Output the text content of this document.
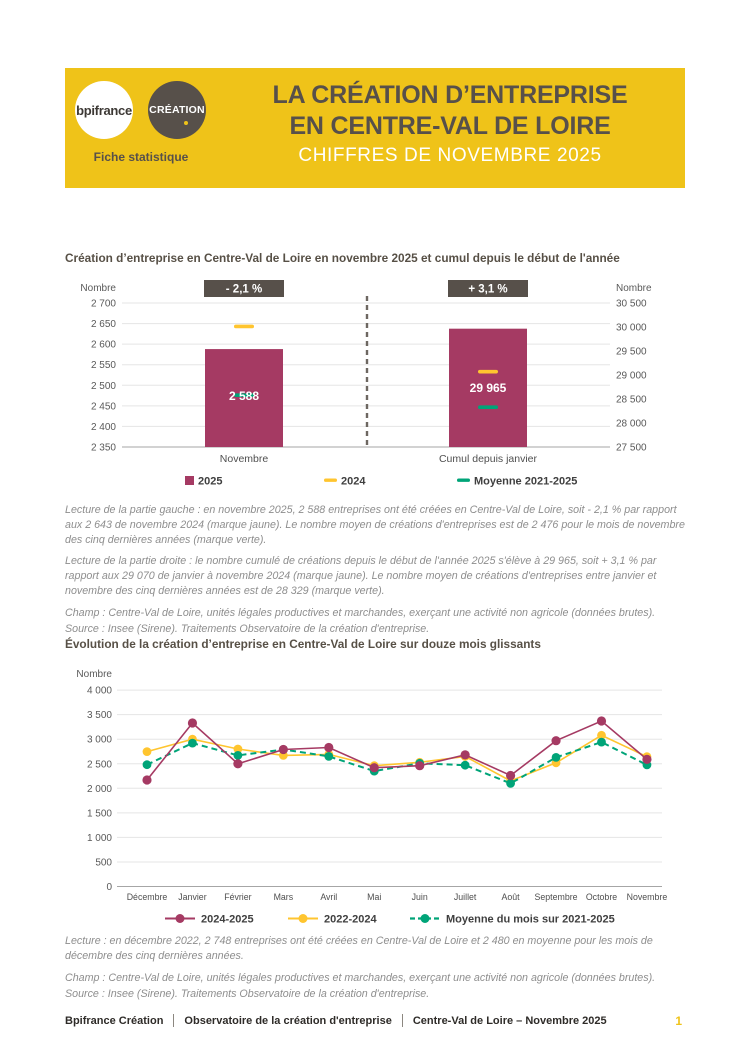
bpifrance CRÉATION
Fiche statistique
LA CRÉATION D’ENTREPRISE
EN CENTRE-VAL DE LOIRE
CHIFFRES DE NOVEMBRE 2025
Création d’entreprise en Centre-Val de Loire en novembre 2025 et cumul depuis le début de l'année
2 700
2 650
2 600
2 550
2 500
2 450
2 400
2 350
30 500
30 000
29 500
29 000
28 500
28 000
27 500
Nombre	Nombre
- 2,1 %
2 588
Novembre
+ 3,1 %
29 965
Cumul depuis janvier
2025	2024	Moyenne 2021-2025

Lecture de la partie gauche : en novembre 2025, 2 588 entreprises ont été créées en Centre-Val de Loire, soit - 2,1 % par rapport aux 2 643 de novembre 2024 (marque jaune). Le nombre moyen de créations d'entreprises est de 2 476 pour le mois de novembre des cinq dernières années (marque verte).

Lecture de la partie droite : le nombre cumulé de créations depuis le début de l'année 2025 s'élève à 29 965, soit + 3,1 % par rapport aux 29 070 de janvier à novembre 2024 (marque jaune). Le nombre moyen de créations d'entreprises entre janvier et novembre des cinq dernières années est de 28 329 (marque verte).

Champ : Centre-Val de Loire, unités légales productives et marchandes, exerçant une activité non agricole (données brutes).

Source : Insee (Sirene). Traitements Observatoire de la création d'entreprise.

Évolution de la création d’entreprise en Centre-Val de Loire sur douze mois glissants
4 000
3 500
3 000
2 500
2 000
1 500
1 000
500
0
Nombre
Décembre Janvier Février Mars	Avril	Mai	Juin	Juillet	Août Septembre Octobre Novembre
2024-2025	2022-2024	Moyenne du mois sur 2021-2025

Lecture : en décembre 2022, 2 748 entreprises ont été créées en Centre-Val de Loire et 2 480 en moyenne pour les mois de décembre des cinq dernières années.

Champ : Centre-Val de Loire, unités légales productives et marchandes, exerçant une activité non agricole (données brutes).

Source : Insee (Sirene). Traitements Observatoire de la création d'entreprise.

Bpifrance Création Observatoire de la création d'entreprise Centre-Val de Loire – Novembre 2025	1
